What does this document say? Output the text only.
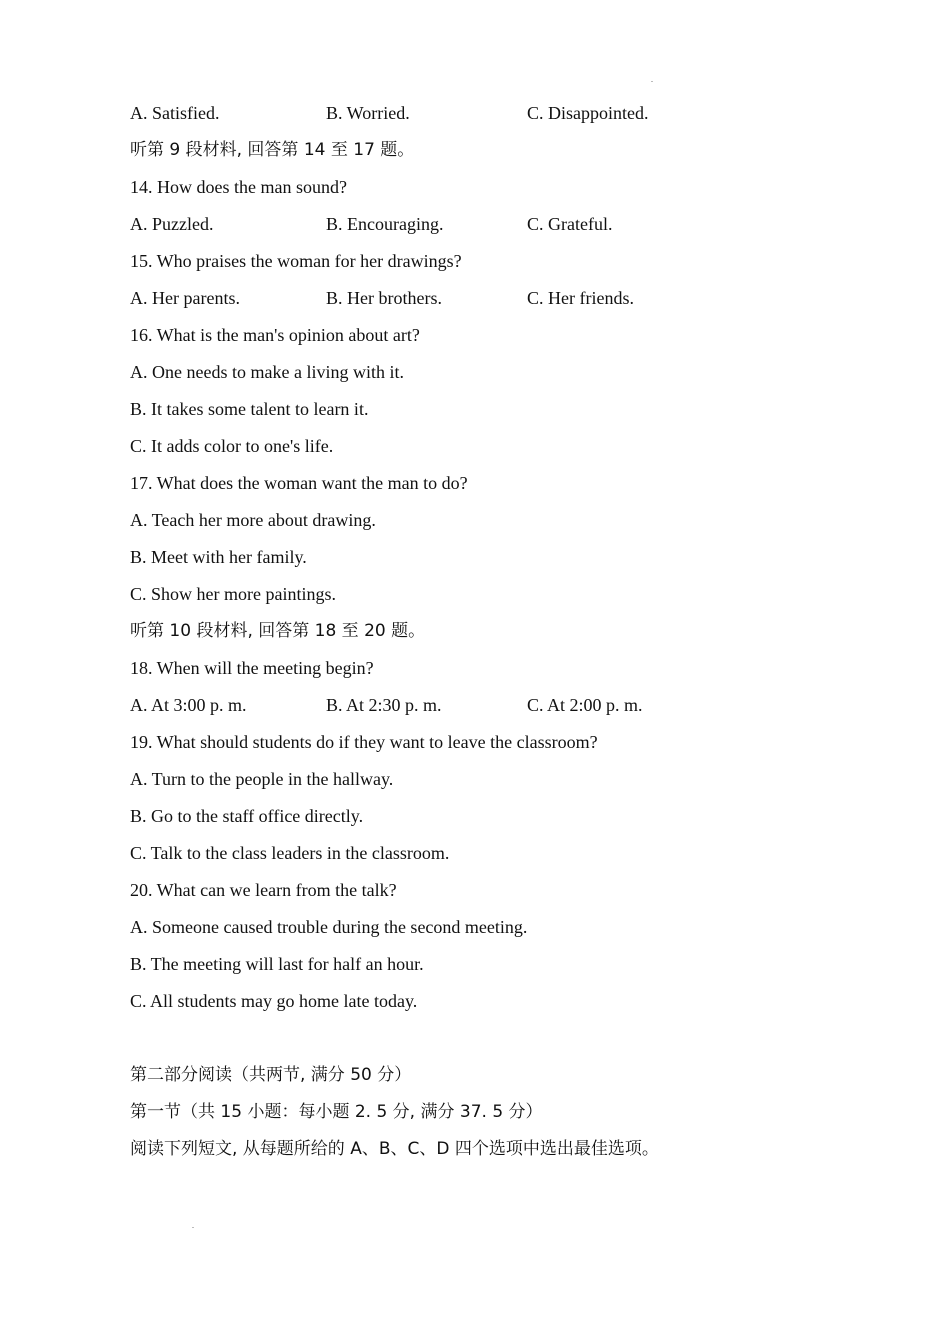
A. Satisfied.	B. Worried.	C. Disappointed.
听第 9 段材料, 回答第 14 至 17 题。
14. How does the man sound?
A. Puzzled.	B. Encouraging.	C. Grateful.
15. Who praises the woman for her drawings?
A. Her parents.	B. Her brothers.	C. Her friends.
16. What is the man's opinion about art?
A. One needs to make a living with it.
B. It takes some talent to learn it.
C. It adds color to one's life.
17. What does the woman want the man to do?
A. Teach her more about drawing.
B. Meet with her family.
C. Show her more paintings.
听第 10 段材料, 回答第 18 至 20 题。
18. When will the meeting begin?
A. At 3:00 p. m.	B. At 2:30 p. m.	C. At 2:00 p. m.
19. What should students do if they want to leave the classroom?
A. Turn to the people in the hallway.
B. Go to the staff office directly.
C. Talk to the class leaders in the classroom.
20. What can we learn from the talk?
A. Someone caused trouble during the second meeting.
B. The meeting will last for half an hour.
C. All students may go home late today.
第二部分阅读（共两节, 满分 50 分）
第一节（共 15 小题：每小题 2. 5 分, 满分 37. 5 分）
阅读下列短文, 从每题所给的 A、B、C、D 四个选项中选出最佳选项。
